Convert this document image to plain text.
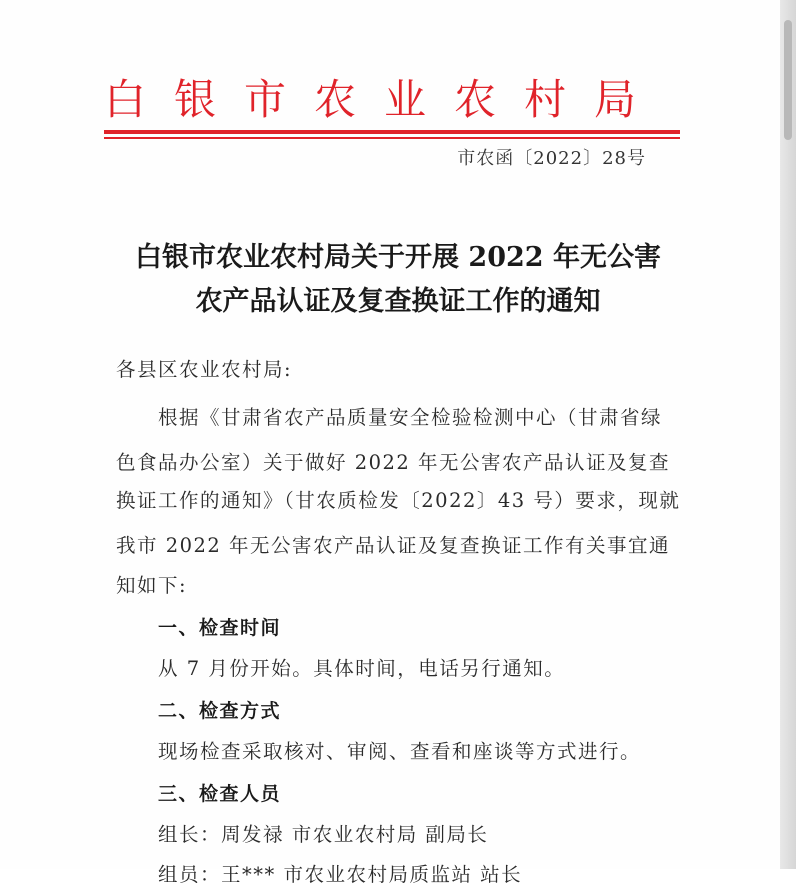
白银市农业农村局
市农函〔2022〕28号
白银市农业农村局关于开展 2022 年无公害
农产品认证及复查换证工作的通知
各县区农业农村局:
根据《甘肃省农产品质量安全检验检测中心（甘肃省绿
色食品办公室）关于做好 2022 年无公害农产品认证及复查
换证工作的通知》（甘农质检发〔2022〕43 号）要求，现就
我市 2022 年无公害农产品认证及复查换证工作有关事宜通
知如下:
一、检查时间
从 7 月份开始。具体时间，电话另行通知。
二、检查方式
现场检查采取核对、审阅、查看和座谈等方式进行。
三、检查人员
组长：周发禄 市农业农村局 副局长
组员：王*** 市农业农村局质监站 站长
